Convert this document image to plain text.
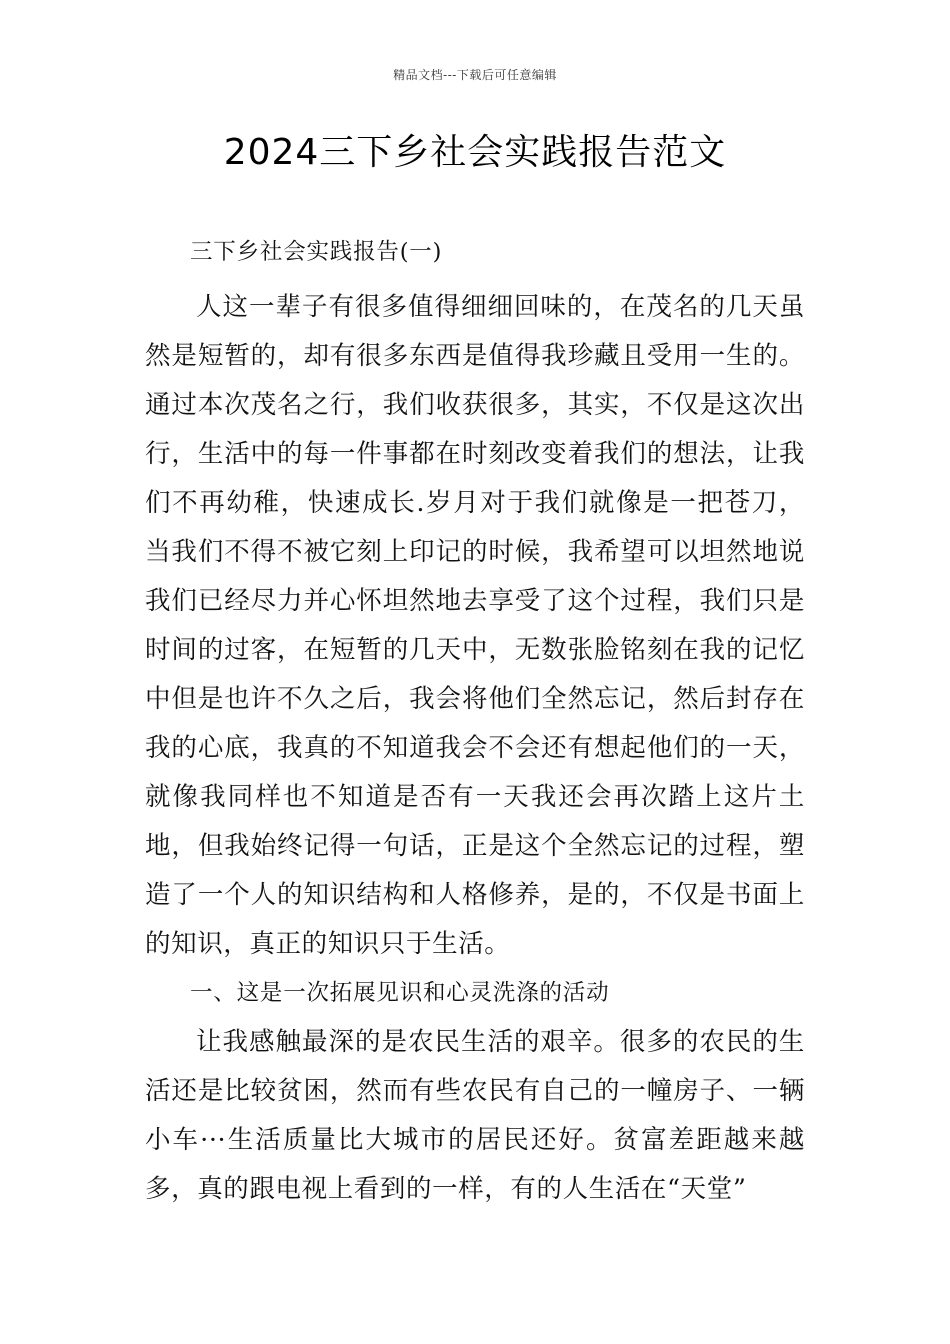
精品文档---下载后可任意编辑
2024三下乡社会实践报告范文

三下乡社会实践报告(一)

人这一辈子有很多值得细细回味的，在茂名的几天虽然是短暂的，却有很多东西是值得我珍藏且受用一生的。通过本次茂名之行，我们收获很多，其实，不仅是这次出行，生活中的每一件事都在时刻改变着我们的想法，让我们不再幼稚，快速成长.岁月对于我们就像是一把苍刀，当我们不得不被它刻上印记的时候，我希望可以坦然地说我们已经尽力并心怀坦然地去享受了这个过程，我们只是时间的过客，在短暂的几天中，无数张脸铭刻在我的记忆中但是也许不久之后，我会将他们全然忘记，然后封存在我的心底，我真的不知道我会不会还有想起他们的一天，就像我同样也不知道是否有一天我还会再次踏上这片土地，但我始终记得一句话，正是这个全然忘记的过程，塑造了一个人的知识结构和人格修养，是的，不仅是书面上的知识，真正的知识只于生活。

一、这是一次拓展见识和心灵洗涤的活动

让我感触最深的是农民生活的艰辛。很多的农民的生活还是比较贫困，然而有些农民有自己的一幢房子、一辆小车···生活质量比大城市的居民还好。贫富差距越来越多，真的跟电视上看到的一样，有的人生活在“天堂”
